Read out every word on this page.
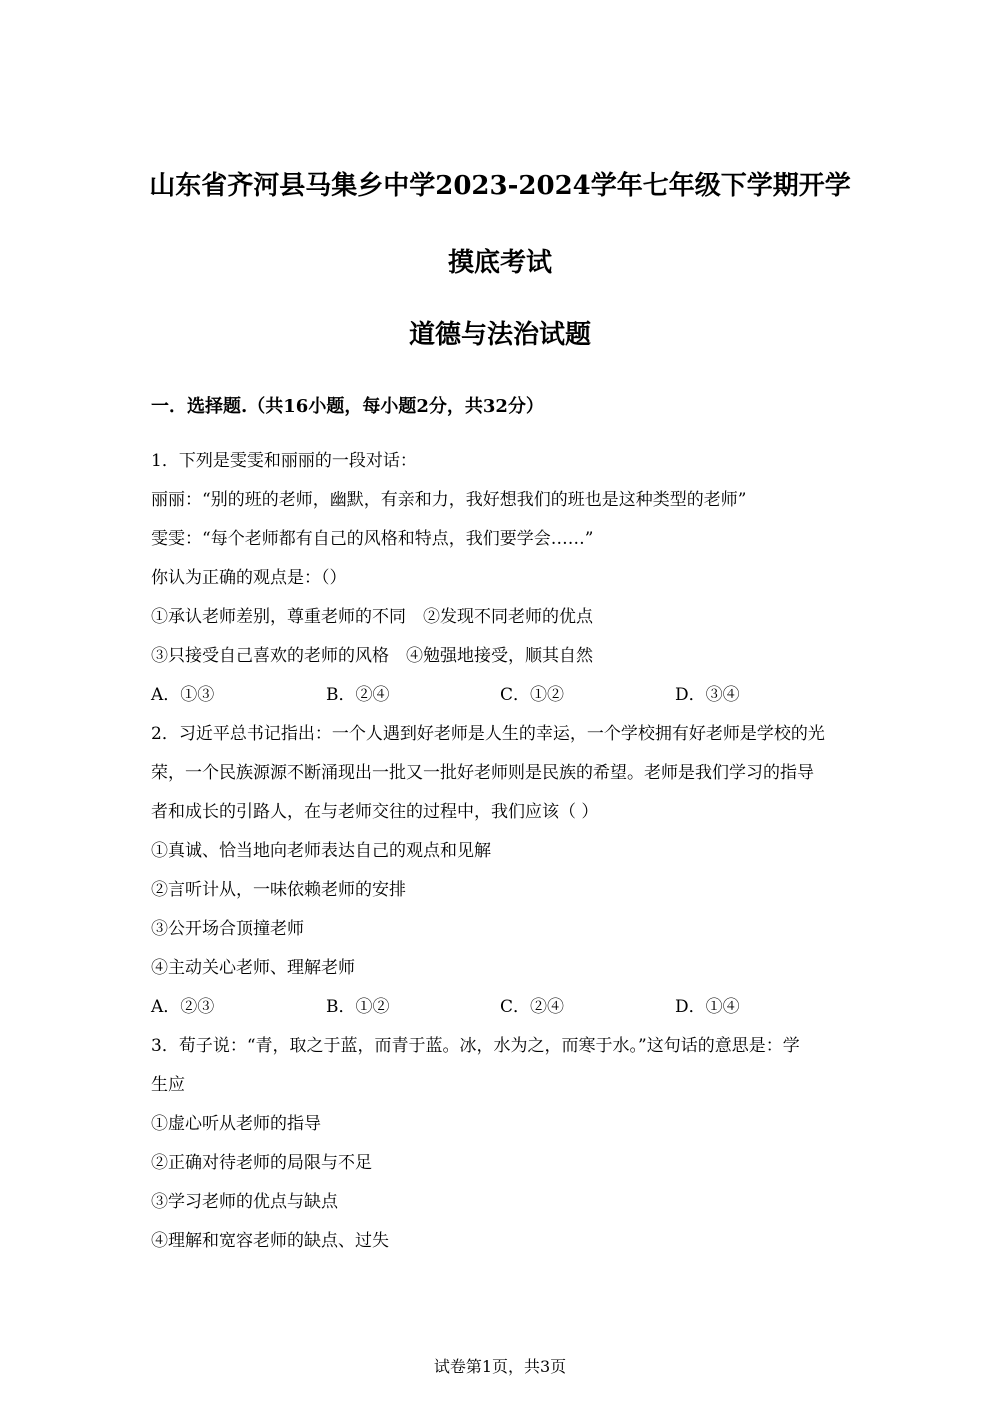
山东省齐河县马集乡中学2023-2024学年七年级下学期开学
摸底考试
道德与法治试题

一．选择题.（共16小题，每小题2分，共32分）

1．下列是雯雯和丽丽的一段对话：

丽丽：“别的班的老师，幽默，有亲和力，我好想我们的班也是这种类型的老师”

雯雯：“每个老师都有自己的风格和特点，我们要学会……”

你认为正确的观点是：（）

①承认老师差别，尊重老师的不同　②发现不同老师的优点

③只接受自己喜欢的老师的风格　④勉强地接受，顺其自然

A．①③	B．②④	C．①②	D．③④

2．习近平总书记指出：一个人遇到好老师是人生的幸运，一个学校拥有好老师是学校的光

荣，一个民族源源不断涌现出一批又一批好老师则是民族的希望。老师是我们学习的指导

者和成长的引路人，在与老师交往的过程中，我们应该（ ）

①真诚、恰当地向老师表达自己的观点和见解

②言听计从，一味依赖老师的安排

③公开场合顶撞老师

④主动关心老师、理解老师

A．②③	B．①②	C．②④	D．①④

3．荀子说：“青，取之于蓝，而青于蓝。冰，水为之，而寒于水。”这句话的意思是：学

生应

①虚心听从老师的指导

②正确对待老师的局限与不足

③学习老师的优点与缺点

④理解和宽容老师的缺点、过失

试卷第1页，共3页
